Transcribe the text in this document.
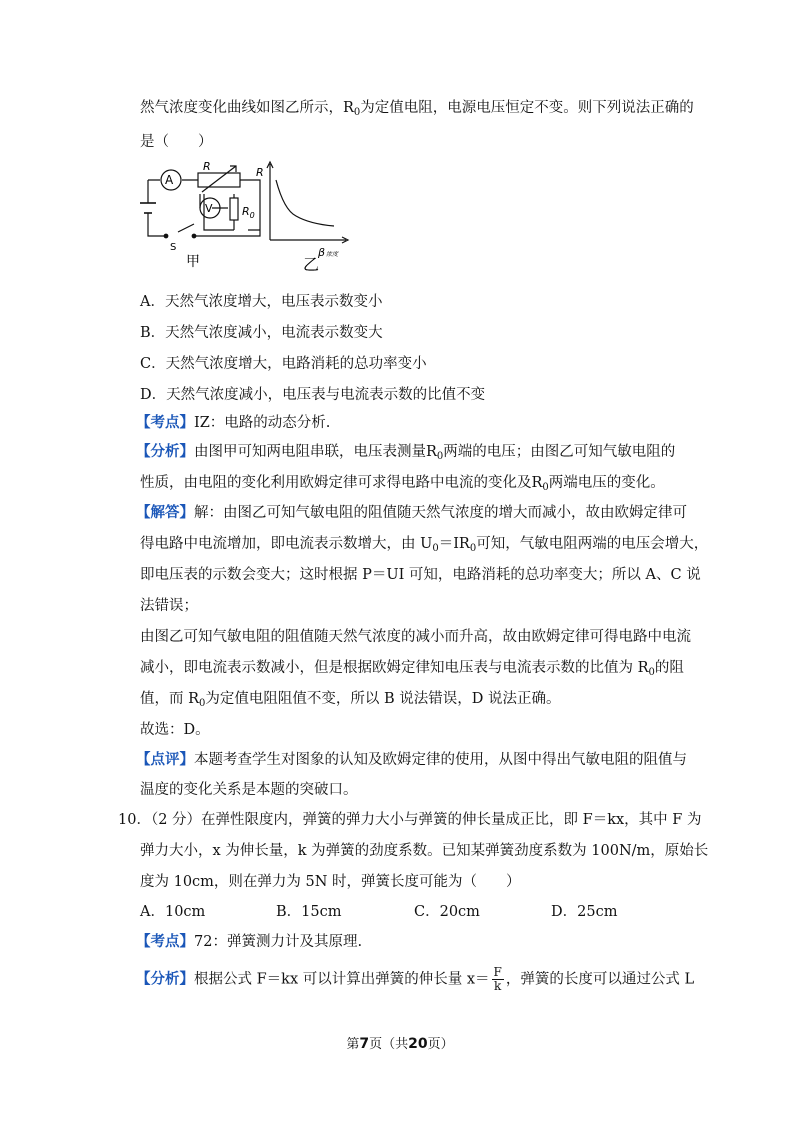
然气浓度变化曲线如图乙所示，$R_0$为定值电阻，电源电压恒定不变。则下列说法正确的
是（　　）
A
V
R
$R_0$
S
甲
R
β浓度
乙
A．天然气浓度增大，电压表示数变小
B．天然气浓度减小，电流表示数变大
C．天然气浓度增大，电路消耗的总功率变小
D．天然气浓度减小，电压表与电流表示数的比值不变
【考点】IZ：电路的动态分析.
【分析】由图甲可知两电阻串联，电压表测量$R_0$两端的电压；由图乙可知气敏电阻的
性质，由电阻的变化利用欧姆定律可求得电路中电流的变化及$R_0$两端电压的变化。
【解答】解：由图乙可知气敏电阻的阻值随天然气浓度的增大而减小，故由欧姆定律可
得电路中电流增加，即电流表示数增大，由 $U_0=IR_0$可知，气敏电阻两端的电压会增大，
即电压表的示数会变大；这时根据 P＝UI 可知，电路消耗的总功率变大；所以 A、C 说
法错误；
由图乙可知气敏电阻的阻值随天然气浓度的减小而升高，故由欧姆定律可得电路中电流
减小，即电流表示数减小，但是根据欧姆定律知电压表与电流表示数的比值为 $R_0$的阻
值，而 $R_0$为定值电阻阻值不变，所以 B 说法错误，D 说法正确。
故选：D。
【点评】本题考查学生对图象的认知及欧姆定律的使用，从图中得出气敏电阻的阻值与
温度的变化关系是本题的突破口。
10．（2 分）在弹性限度内，弹簧的弹力大小与弹簧的伸长量成正比，即 F＝kx，其中 F 为
弹力大小，x 为伸长量，k 为弹簧的劲度系数。已知某弹簧劲度系数为 100N/m，原始长
度为 10cm，则在弹力为 5N 时，弹簧长度可能为（　　）
A．10cm	B．15cm	C．20cm	D．25cm
【考点】72：弹簧测力计及其原理.
【分析】根据公式 F＝kx 可以计算出弹簧的伸长量 $x= \frac{F}{k}$ ，弹簧的长度可以通过公式 L
第7页（共20页）
